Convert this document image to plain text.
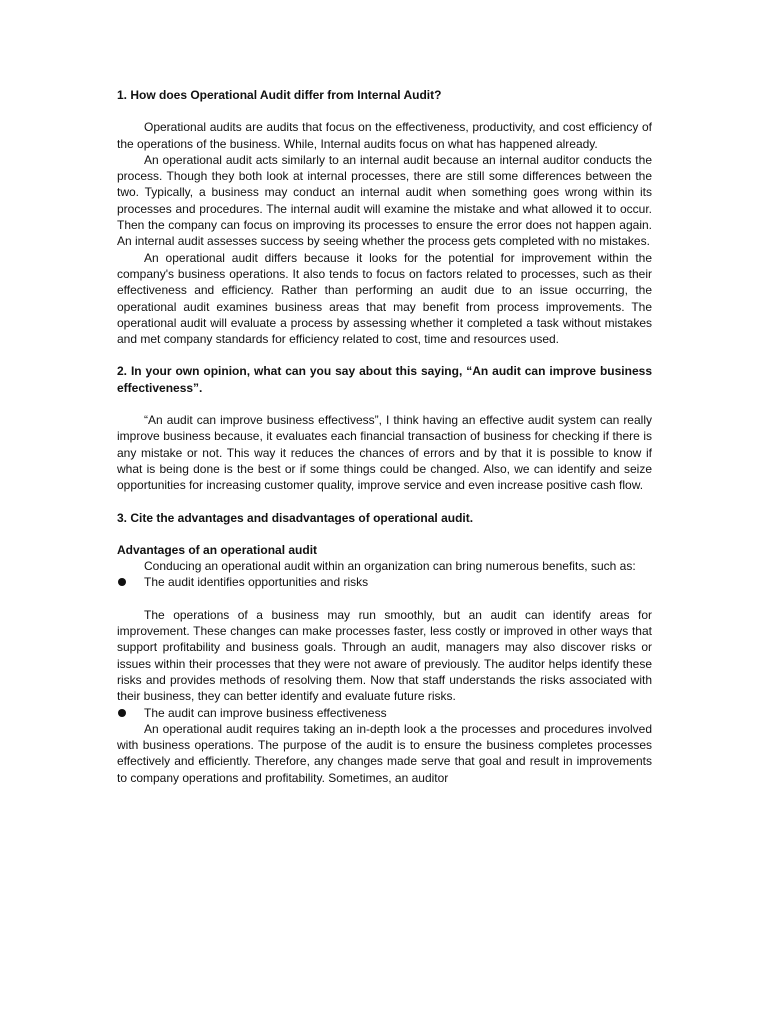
1. How does Operational Audit differ from Internal Audit?

Operational audits are audits that focus on the effectiveness, productivity, and cost efficiency of the operations of the business. While, Internal audits focus on what has happened already.

An operational audit acts similarly to an internal audit because an internal auditor conducts the process. Though they both look at internal processes, there are still some differences between the two. Typically, a business may conduct an internal audit when something goes wrong within its processes and procedures. The internal audit will examine the mistake and what allowed it to occur. Then the company can focus on improving its processes to ensure the error does not happen again. An internal audit assesses success by seeing whether the process gets completed with no mistakes.

An operational audit differs because it looks for the potential for improvement within the company's business operations. It also tends to focus on factors related to processes, such as their effectiveness and efficiency. Rather than performing an audit due to an issue occurring, the operational audit examines business areas that may benefit from process improvements. The operational audit will evaluate a process by assessing whether it completed a task without mistakes and met company standards for efficiency related to cost, time and resources used.

2. In your own opinion, what can you say about this saying, “An audit can improve business effectiveness”.

“An audit can improve business effectivess”, I think having an effective audit system can really improve business because, it evaluates each financial transaction of business for checking if there is any mistake or not. This way it reduces the chances of errors and by that it is possible to know if what is being done is the best or if some things could be changed. Also, we can identify and seize opportunities for increasing customer quality, improve service and even increase positive cash flow.

3. Cite the advantages and disadvantages of operational audit.

Advantages of an operational audit

Conducing an operational audit within an organization can bring numerous benefits, such as:

The audit identifies opportunities and risks

The operations of a business may run smoothly, but an audit can identify areas for improvement. These changes can make processes faster, less costly or improved in other ways that support profitability and business goals. Through an audit, managers may also discover risks or issues within their processes that they were not aware of previously. The auditor helps identify these risks and provides methods of resolving them. Now that staff understands the risks associated with their business, they can better identify and evaluate future risks.

The audit can improve business effectiveness

An operational audit requires taking an in-depth look a the processes and procedures involved with business operations. The purpose of the audit is to ensure the business completes processes effectively and efficiently. Therefore, any changes made serve that goal and result in improvements to company operations and profitability. Sometimes, an auditor
